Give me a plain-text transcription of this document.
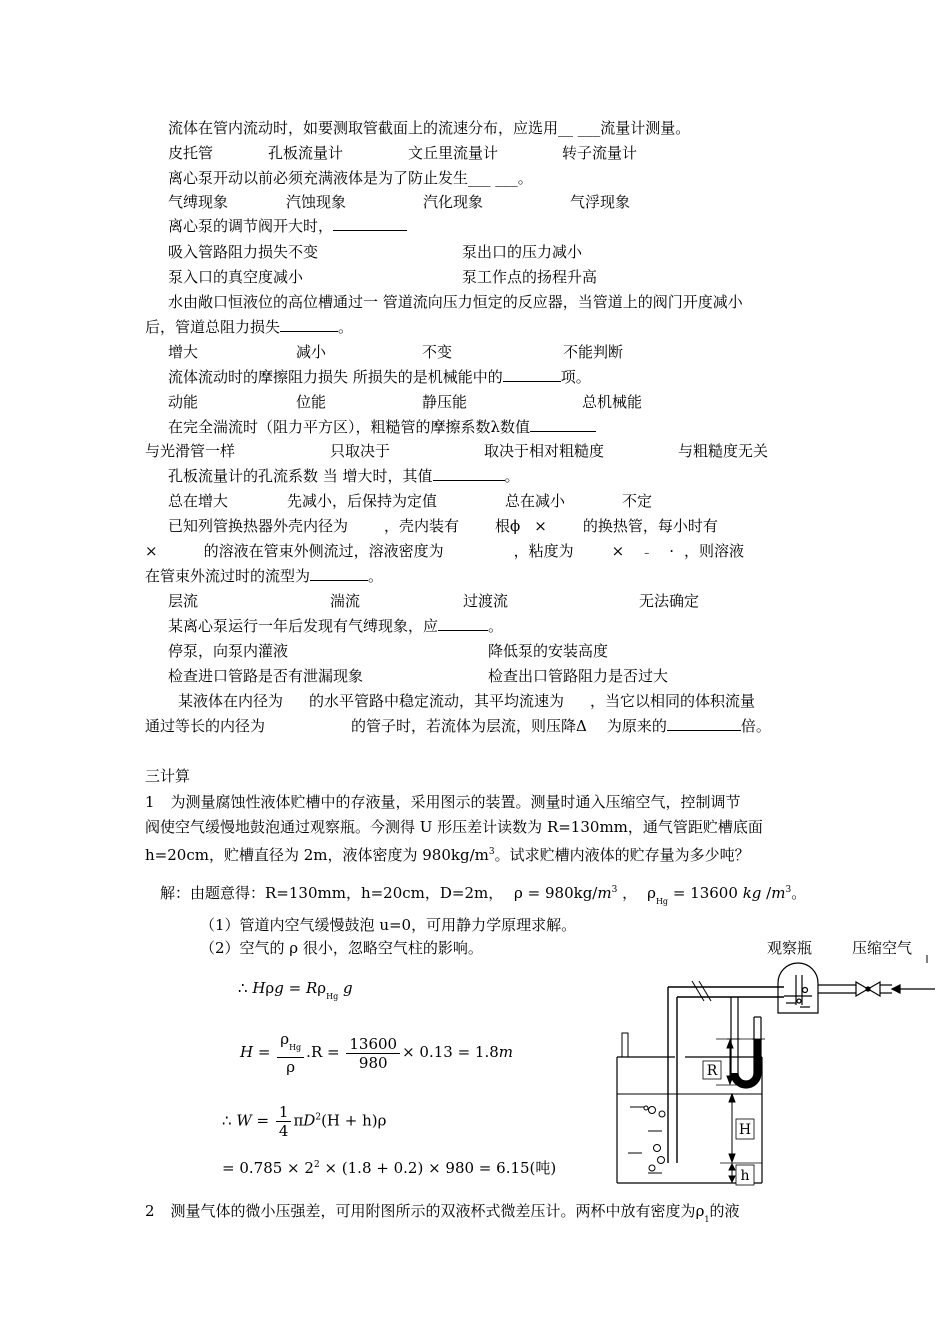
流体在管内流动时，如要测取管截面上的流速分布，应选用__ ___流量计测量。
皮托管	孔板流量计	文丘里流量计	转子流量计
离心泵开动以前必须充满液体是为了防止发生___ ___。
气缚现象	汽蚀现象	汽化现象	气浮现象
离心泵的调节阀开大时，
吸入管路阻力损失不变	泵出口的压力减小
泵入口的真空度减小	泵工作点的扬程升高
水由敞口恒液位的高位槽通过一 管道流向压力恒定的反应器，当管道上的阀门开度减小
后，管道总阻力损失	。
增大	减小	不变	不能判断
流体流动时的摩擦阻力损失 所损失的是机械能中的	项。
动能	位能	静压能	总机械能
在完全湍流时（阻力平方区），粗糙管的摩擦系数λ数值
与光滑管一样	只取决于	取决于相对粗糙度	与粗糙度无关
孔板流量计的孔流系数 当 增大时，其值	。
总在增大	先减小，后保持为定值	总在减小	不定
已知列管换热器外壳内径为 ，壳内装有 根ϕ × 的换热管，每小时有
×	的溶液在管束外侧流过，溶液密度为	，粘度为	× – · ，则溶液
在管束外流过时的流型为	。
层流	湍流	过渡流	无法确定
某离心泵运行一年后发现有气缚现象，应	。
停泵，向泵内灌液	降低泵的安装高度
检查进口管路是否有泄漏现象	检查出口管路阻力是否过大
某液体在内径为 的水平管路中稳定流动，其平均流速为 ，当它以相同的体积流量
通过等长的内径为	的管子时，若流体为层流，则压降Δ 为原来的	倍。
三计算
1 为测量腐蚀性液体贮槽中的存液量，采用图示的装置。测量时通入压缩空气，控制调节
阀使空气缓慢地鼓泡通过观察瓶。今测得 U 形压差计读数为 R=130mm，通气管距贮槽底面
h=20cm，贮槽直径为 2m，液体密度为 $980kg/m^3$。试求贮槽内液体的贮存量为多少吨？
解：由题意得：R=130mm，h=20cm，D=2m， $\rho = 980kg/m^3$ ， $\rho_{Hg} = 13600$ kg $/m^3$。
（1）管道内空气缓慢鼓泡 u=0，可用静力学原理求解。
（2）空气的 ρ 很小，忽略空气柱的影响。
∴ $H\rho g = R\rho_{Hg}$ g
$H = \frac{\rho_{Hg}}{\rho} .R = \frac{13600}{980} \times 0.13 = 1.8m$
∴ $W = \frac{1}{4} \pi D^2(H + h)\rho$
= $0.785 \times 2^2 \times (1.8 + 0.2) \times 980 = 6.15$(吨)
观察瓶	压缩空气
R
H
h
2 测量气体的微小压强差，可用附图所示的双液杯式微差压计。两杯中放有密度为$\rho_1$的液
